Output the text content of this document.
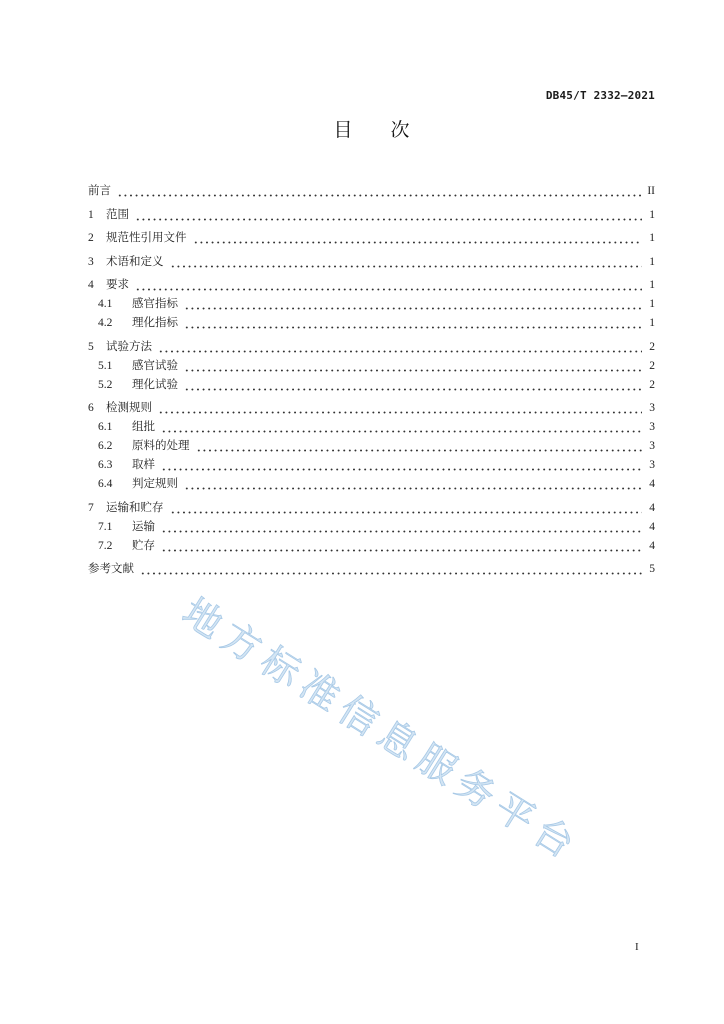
DB45/T 2332—2021
目　　次
前言	II
1	范围	1
2	规范性引用文件	1
3	术语和定义	1
4	要求	1
4.1	感官指标	1
4.2	理化指标	1
5	试验方法	2
5.1	感官试验	2
5.2	理化试验	2
6	检测规则	3
6.1	组批	3
6.2	原料的处理	3
6.3	取样	3
6.4	判定规则	4
7	运输和贮存	4
7.1	运输	4
7.2	贮存	4
参考文献	5
地方标准信息服务平台
I
